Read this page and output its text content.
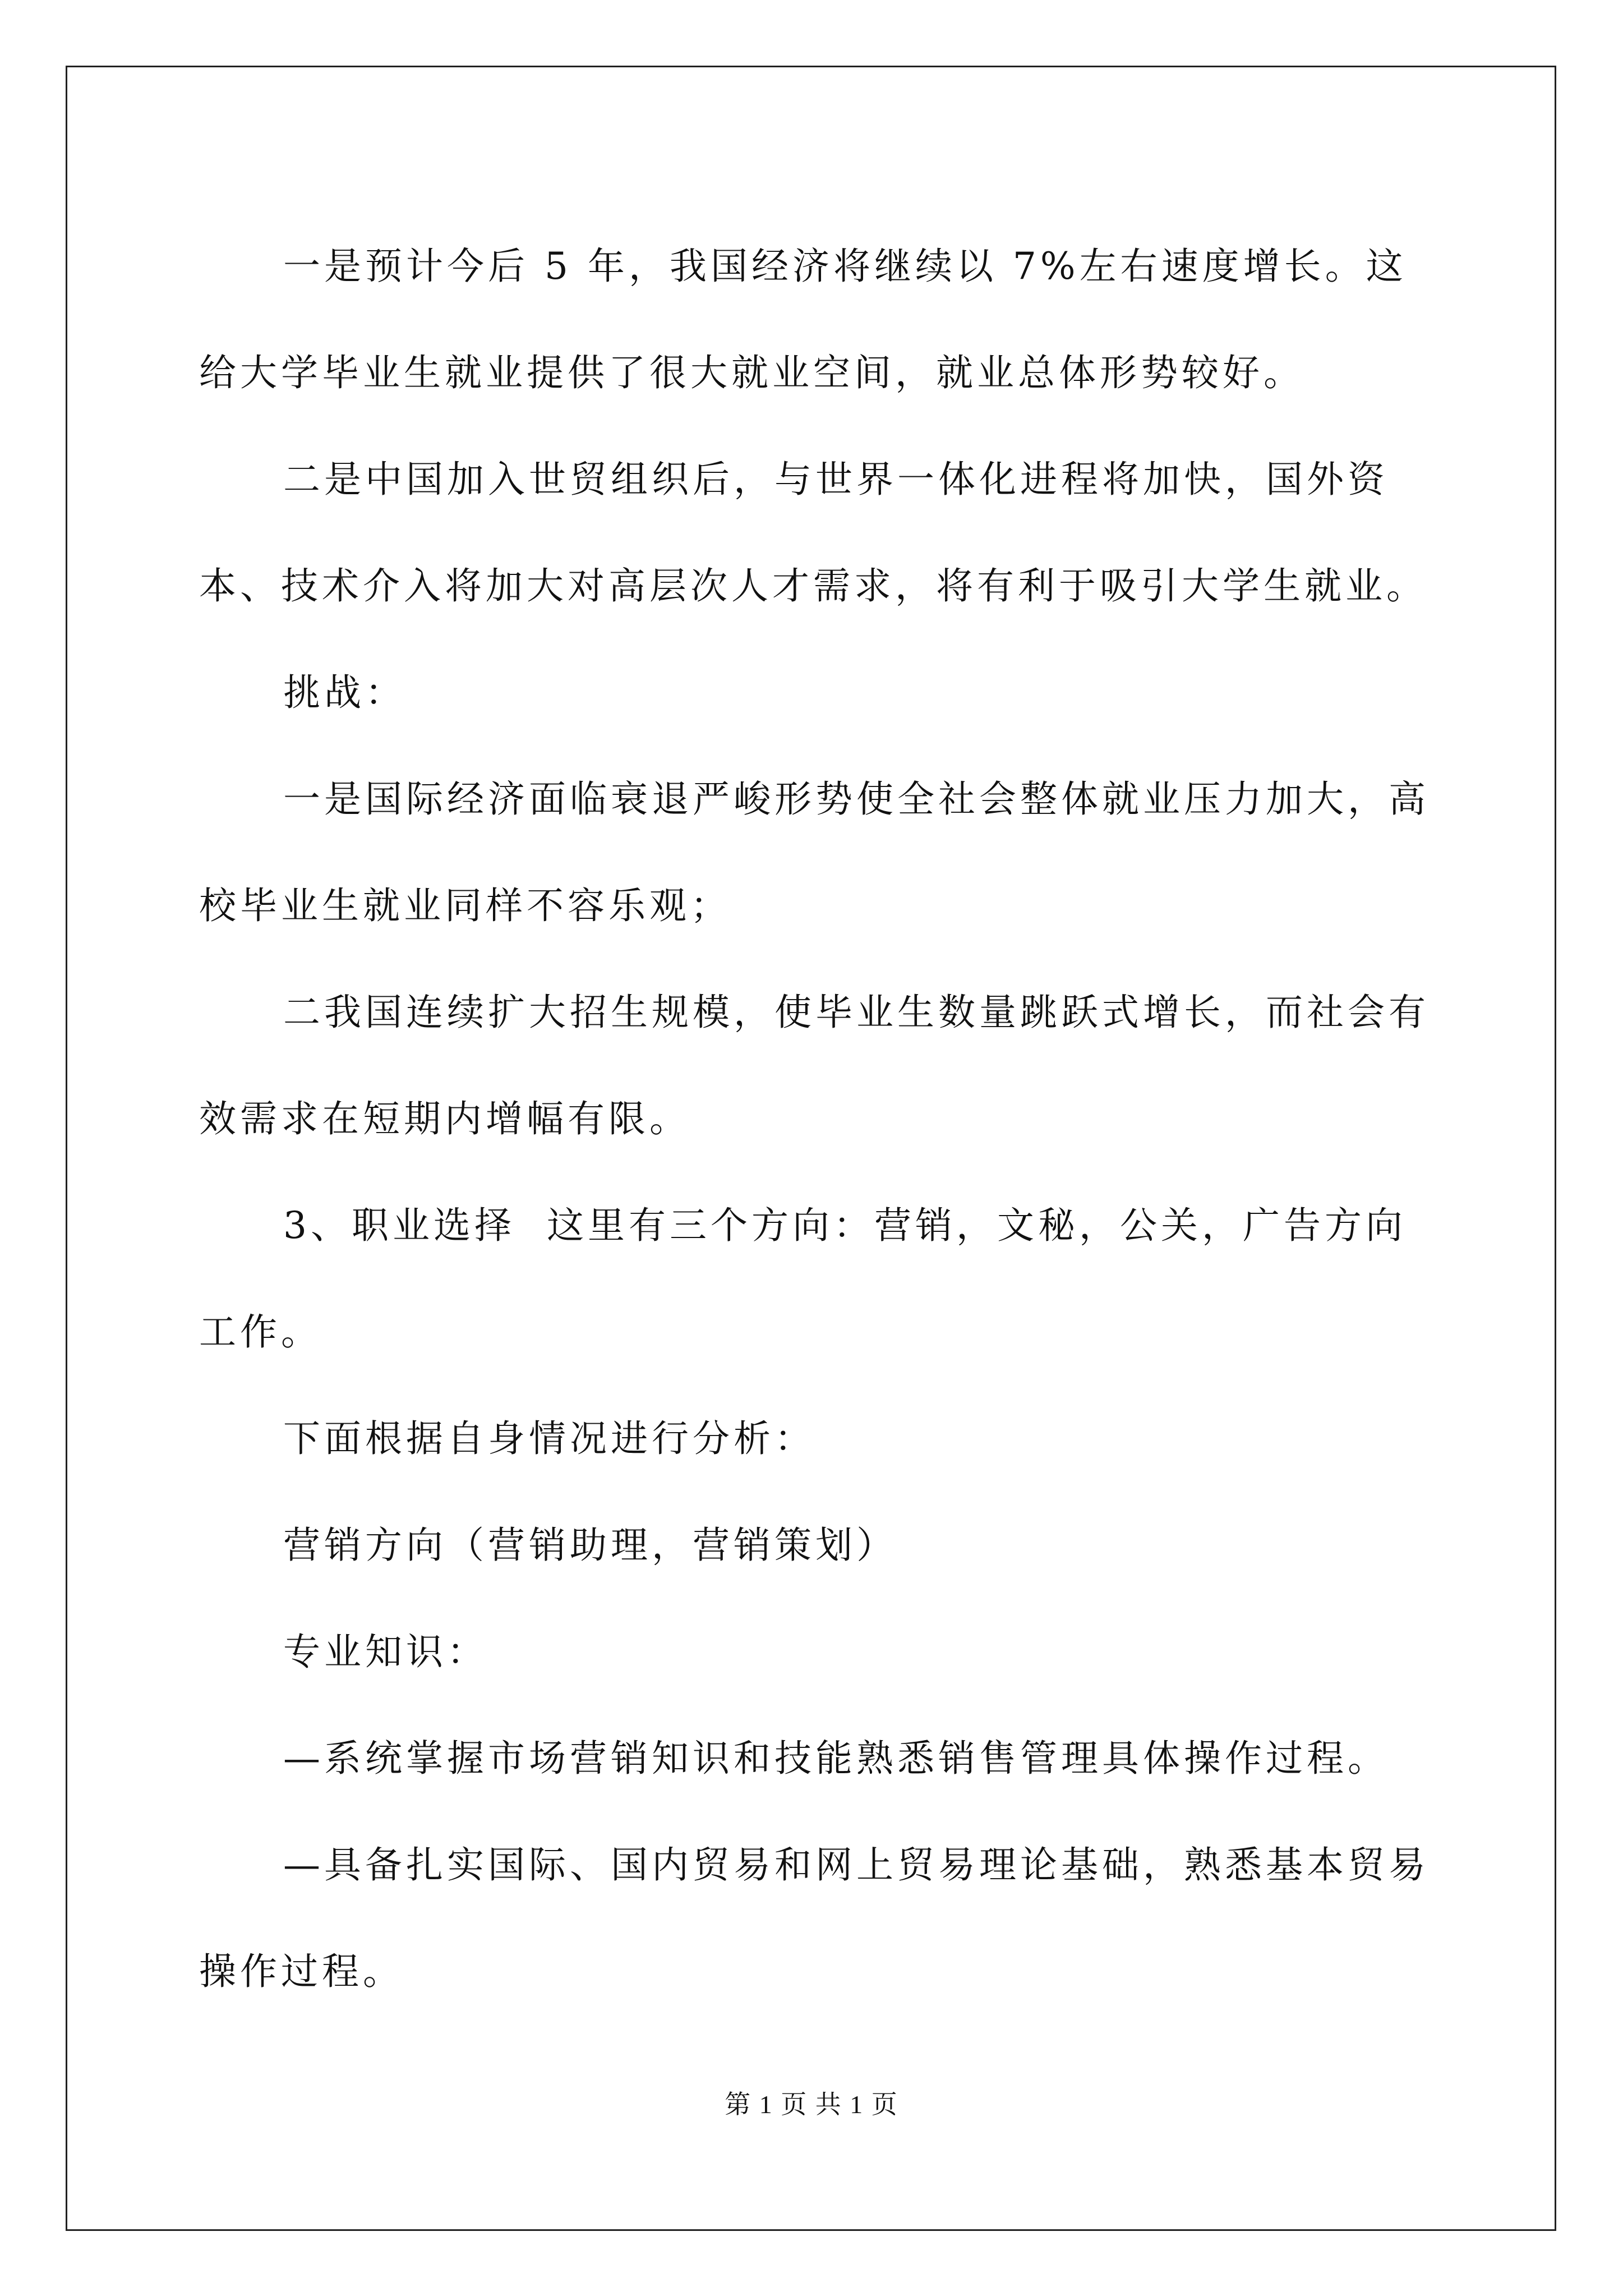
一是预计今后 5 年，我国经济将继续以 7%左右速度增长。这给大学毕业生就业提供了很大就业空间，就业总体形势较好。

二是中国加入世贸组织后，与世界一体化进程将加快，国外资本、技术介入将加大对高层次人才需求，将有利于吸引大学生就业。

挑战：

一是国际经济面临衰退严峻形势使全社会整体就业压力加大，高校毕业生就业同样不容乐观；

二我国连续扩大招生规模，使毕业生数量跳跃式增长，而社会有效需求在短期内增幅有限。

3、职业选择  这里有三个方向：营销，文秘，公关，广告方向工作。

下面根据自身情况进行分析：

营销方向（营销助理，营销策划）

专业知识：

—系统掌握市场营销知识和技能熟悉销售管理具体操作过程。

—具备扎实国际、国内贸易和网上贸易理论基础，熟悉基本贸易操作过程。

第 1 页 共 1 页
